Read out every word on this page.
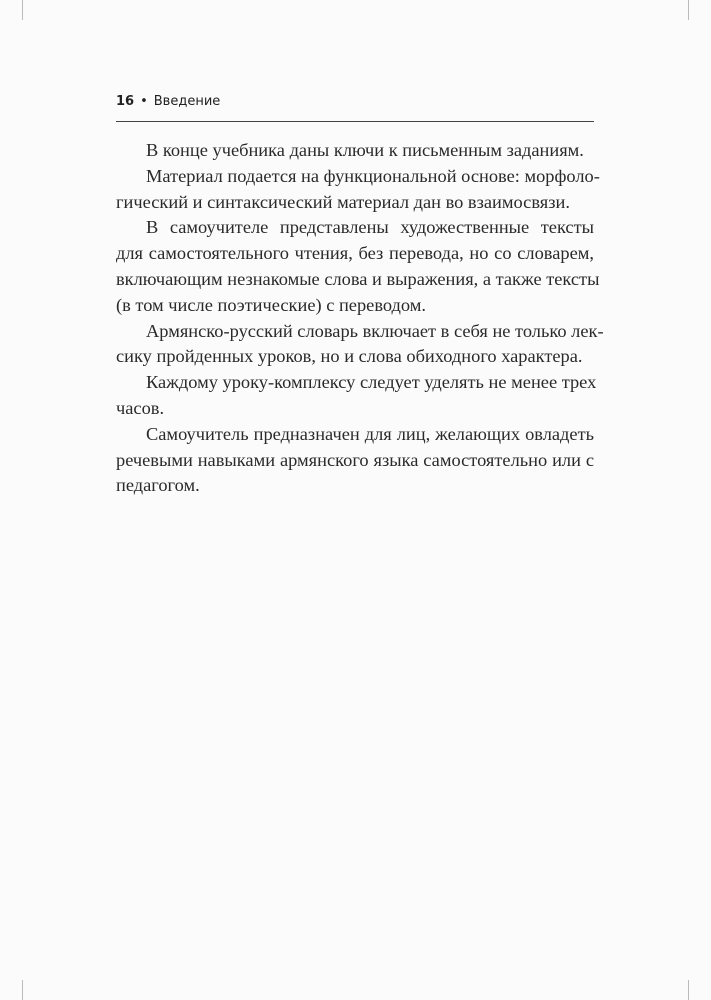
16 • Введение
В конце учебника даны ключи к письменным заданиям.
Материал подается на функциональной основе: морфоло-
гический и синтаксический материал дан во взаимосвязи.
В самоучителе представлены художественные тексты
для самостоятельного чтения, без перевода, но со словарем,
включающим незнакомые слова и выражения, а также тексты
(в том числе поэтические) с переводом.
Армянско-русский словарь включает в себя не только лек-
сику пройденных уроков, но и слова обиходного характера.
Каждому уроку-комплексу следует уделять не менее трех
часов.
Самоучитель предназначен для лиц, желающих овладеть
речевыми навыками армянского языка самостоятельно или с
педагогом.
